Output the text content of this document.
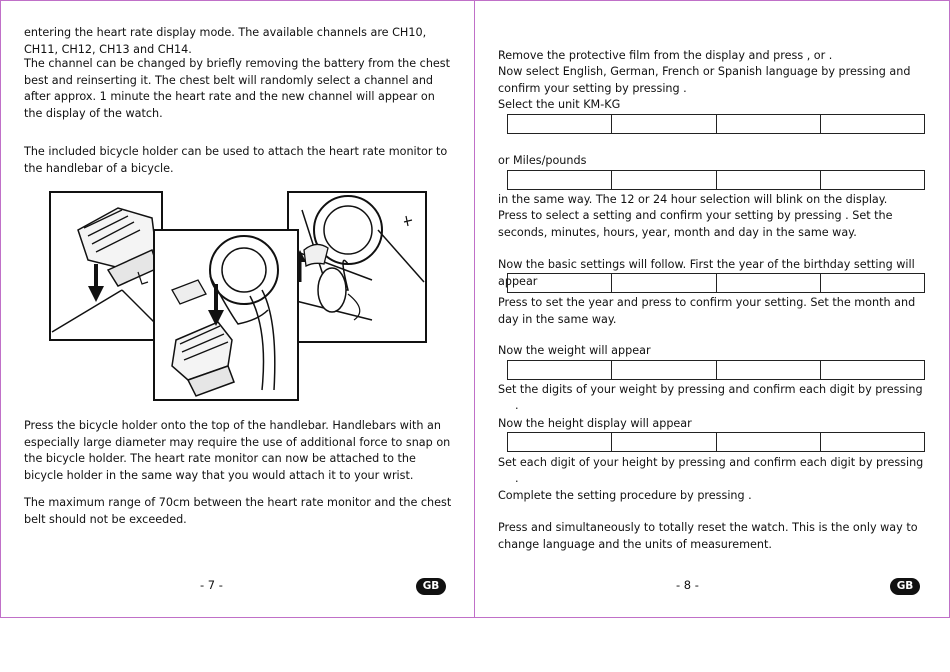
entering the heart rate display mode. The available channels are CH10, CH11, CH12, CH13 and CH14.

The channel can be changed by briefly removing the battery from the chest best and reinserting it. The chest belt will randomly select a channel and after approx. 1 minute the heart rate and the new channel will appear on the display of the watch.

The included bicycle holder can be used to attach the heart rate monitor to the handlebar of a bicycle.

Press the bicycle holder onto the top of the handlebar. Handlebars with an especially large diameter may require the use of additional force to snap on the bicycle holder. The heart rate monitor can now be attached to the bicycle holder in the same way that you would attach it to your wrist.

The maximum range of 70cm between the heart rate monitor and the chest belt should not be exceeded.

- 7 -	GB

Remove the protective film from the display and press , or .

Now select English, German, French or Spanish language by pressing and

confirm your setting by pressing .

Select the unit KM-KG

or Miles/pounds

in the same way. The 12 or 24 hour selection will blink on the display.

Press to select a setting and confirm your setting by pressing . Set the

seconds, minutes, hours, year, month and day in the same way.

Now the basic settings will follow. First the year of the birthday setting will appear

Press to set the year and press to confirm your setting. Set the month and

day in the same way.

Now the weight will appear

Set the digits of your weight by pressing and confirm each digit by pressing

.

Now the height display will appear

Set each digit of your height by pressing and confirm each digit by pressing

.

Complete the setting procedure by pressing .

Press and simultaneously to totally reset the watch. This is the only way to

change language and the units of measurement.

- 8 -	GB
